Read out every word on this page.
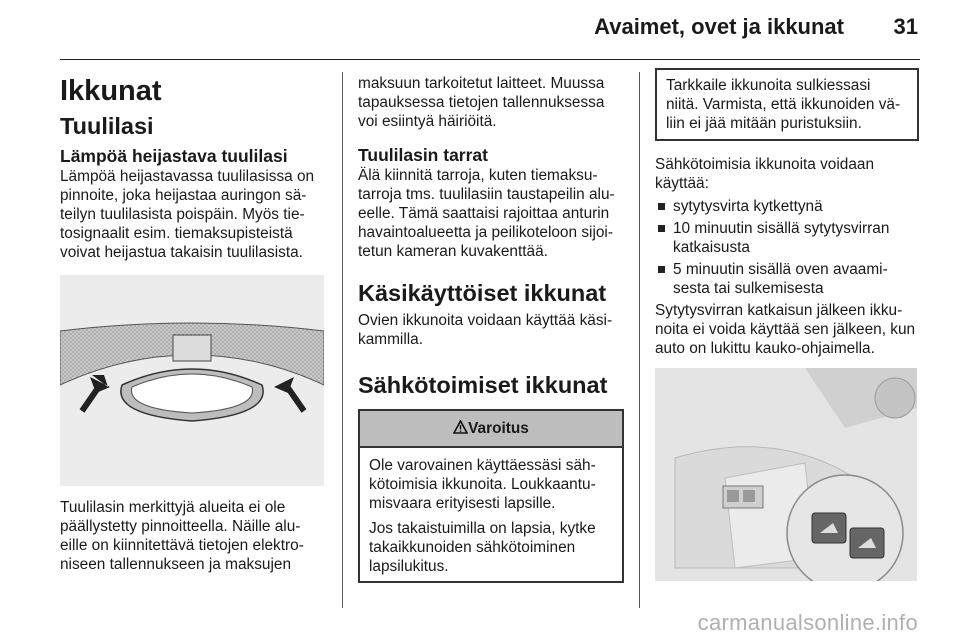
Avaimet, ovet ja ikkunat 31
Ikkunat
Tuulilasi
Lämpöä heijastava tuulilasi

Lämpöä heijastavassa tuulilasissa on
pinnoite, joka heijastaa auringon sä-
teilyn tuulilasista poispäin. Myös tie-
tosignaalit esim. tiemaksupisteistä
voivat heijastua takaisin tuulilasista.

Tuulilasin merkittyjä alueita ei ole
päällystetty pinnoitteella. Näille alu-
eille on kiinnitettävä tietojen elektro-
niseen tallennukseen ja maksujen

maksuun tarkoitetut laitteet. Muussa
tapauksessa tietojen tallennuksessa
voi esiintyä häiriöitä.

Tuulilasin tarrat

Älä kiinnitä tarroja, kuten tiemaksu-
tarroja tms. tuulilasiin taustapeilin alu-
eelle. Tämä saattaisi rajoittaa anturin
havaintoalueetta ja peilikoteloon sijoi-
tetun kameran kuvakenttää.

Käsikäyttöiset ikkunat

Ovien ikkunoita voidaan käyttää käsi-
kammilla.

Sähkötoimiset ikkunat
Varoitus

Ole varovainen käyttäessäsi säh-
kötoimisia ikkunoita. Loukkaantu-
misvaara erityisesti lapsille.

Jos takaistuimilla on lapsia, kytke
takaikkunoiden sähkötoiminen
lapsilukitus.

Tarkkaile ikkunoita sulkiessasi
niitä. Varmista, että ikkunoiden vä-
liin ei jää mitään puristuksiin.

Sähkötoimisia ikkunoita voidaan
käyttää:

sytytysvirta kytkettynä
10 minuutin sisällä sytytysvirran
katkaisusta
5 minuutin sisällä oven avaami-
sesta tai sulkemisesta

Sytytysvirran katkaisun jälkeen ikku-
noita ei voida käyttää sen jälkeen, kun
auto on lukittu kauko-ohjaimella.

carmanualsonline.info
